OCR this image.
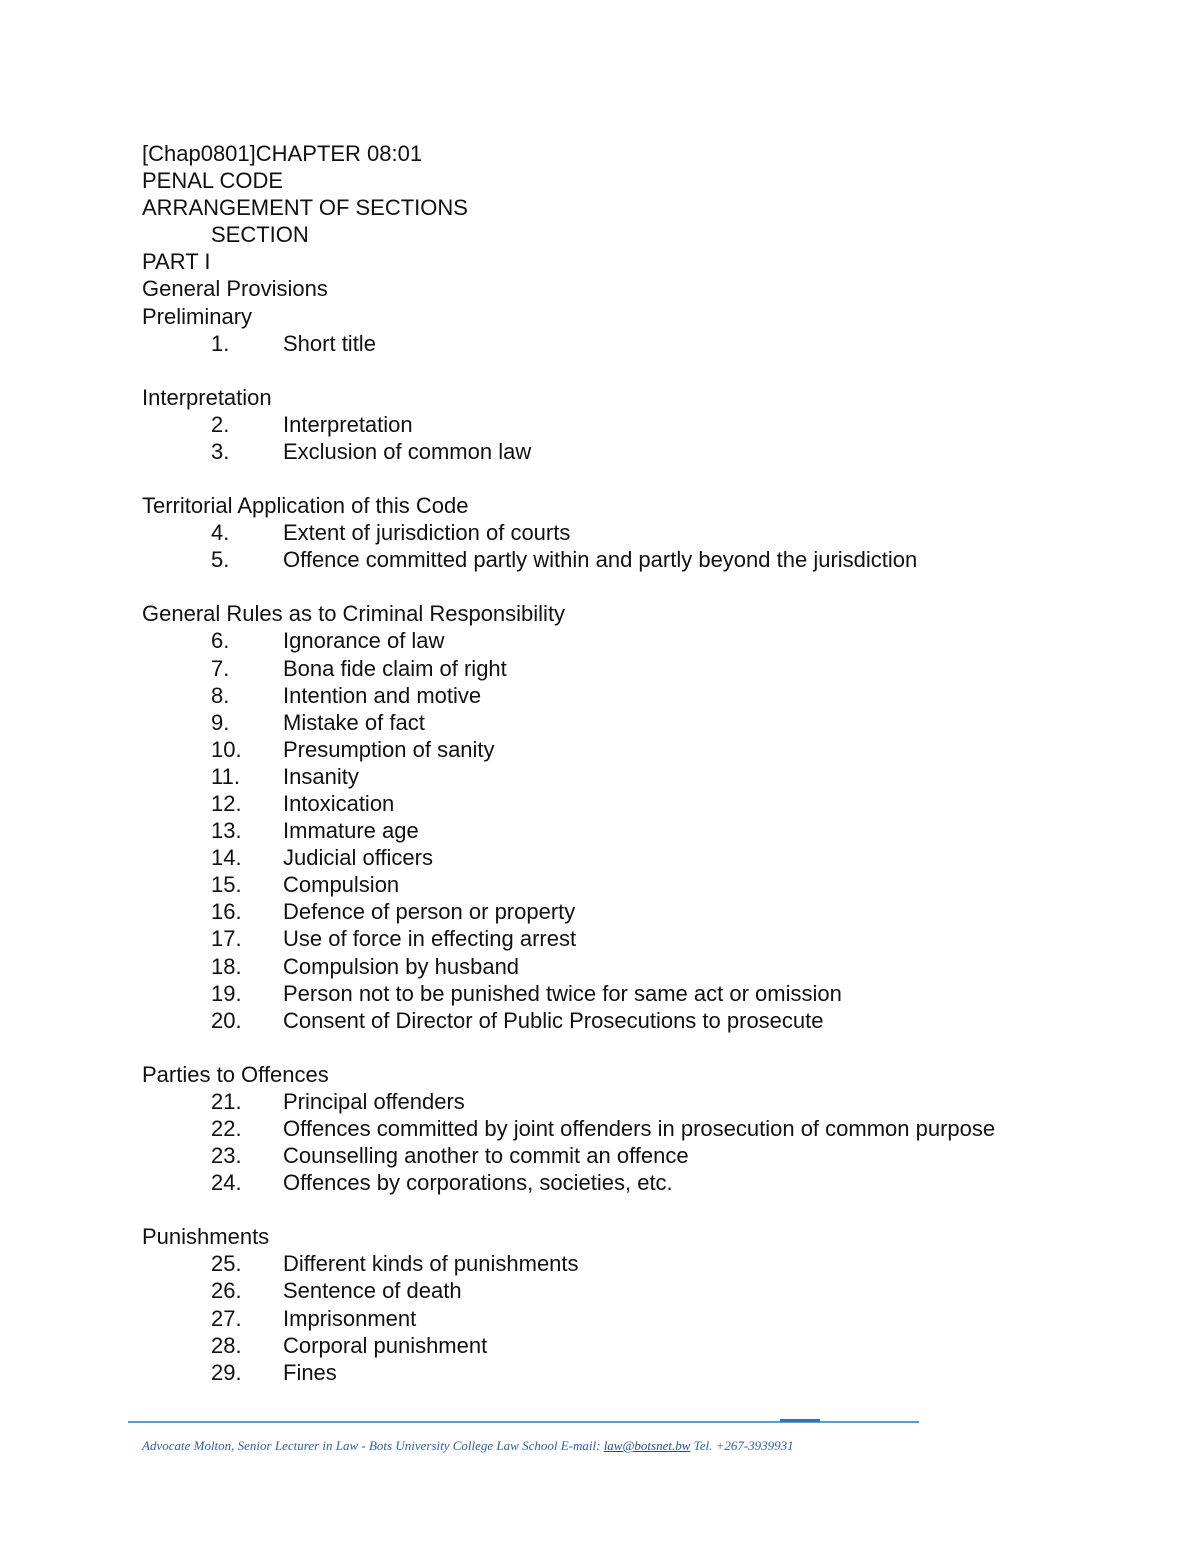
[Chap0801]CHAPTER 08:01
PENAL CODE
ARRANGEMENT OF SECTIONS
SECTION
PART I
General Provisions
Preliminary
1.	Short title
Interpretation
2.	Interpretation
3.	Exclusion of common law
Territorial Application of this Code
4.	Extent of jurisdiction of courts
5.	Offence committed partly within and partly beyond the jurisdiction
General Rules as to Criminal Responsibility
6.	Ignorance of law
7.	Bona fide claim of right
8.	Intention and motive
9.	Mistake of fact
10.	Presumption of sanity
11.	Insanity
12.	Intoxication
13.	Immature age
14.	Judicial officers
15.	Compulsion
16.	Defence of person or property
17.	Use of force in effecting arrest
18.	Compulsion by husband
19.	Person not to be punished twice for same act or omission
20.	Consent of Director of Public Prosecutions to prosecute
Parties to Offences
21.	Principal offenders
22.	Offences committed by joint offenders in prosecution of common purpose
23.	Counselling another to commit an offence
24.	Offences by corporations, societies, etc.
Punishments
25.	Different kinds of punishments
26.	Sentence of death
27.	Imprisonment
28.	Corporal punishment
29.	Fines
Advocate Molton, Senior Lecturer in Law - Bots University College Law School E-mail: law@botsnet.bw Tel. +267-3939931
